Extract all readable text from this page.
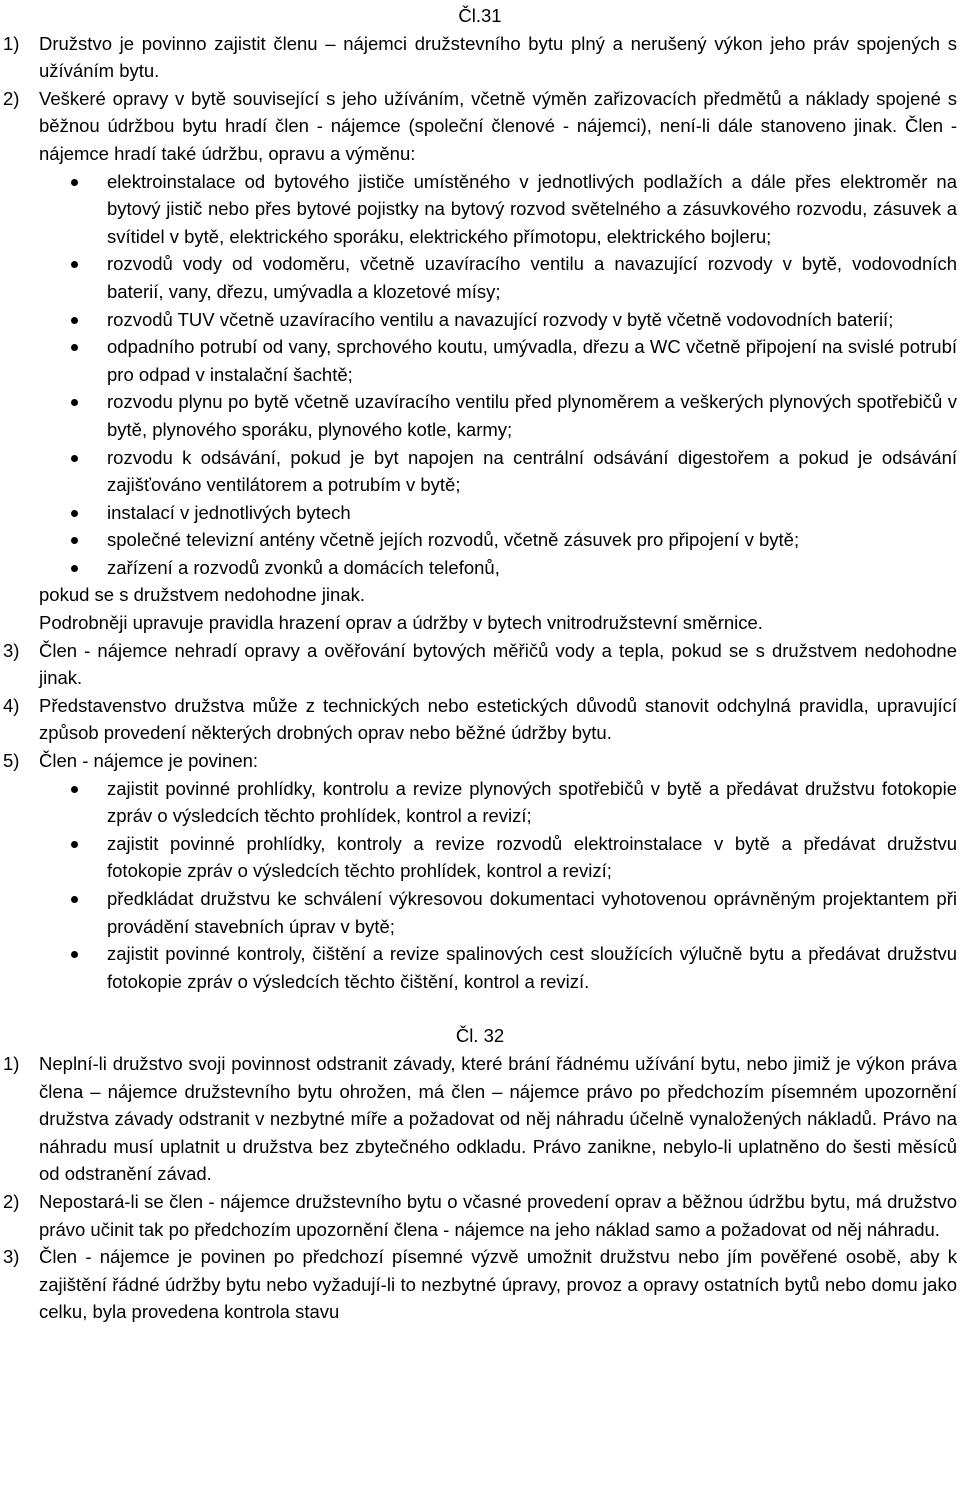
Čl.31
1) Družstvo je povinno zajistit členu – nájemci družstevního bytu plný a nerušený výkon jeho práv spojených s užíváním bytu.
2) Veškeré opravy v bytě související s jeho užíváním, včetně výměn zařizovacích předmětů a náklady spojené s běžnou údržbou bytu hradí člen - nájemce (společní členové - nájemci), není-li dále stanoveno jinak. Člen - nájemce hradí také údržbu, opravu a výměnu:
elektroinstalace od bytového jističe umístěného v jednotlivých podlažích a dále přes elektroměr na bytový jistič nebo přes bytové pojistky na bytový rozvod světelného a zásuvkového rozvodu, zásuvek a svítidel v bytě, elektrického sporáku, elektrického přímotopu, elektrického bojleru;
rozvodů vody od vodoměru, včetně uzavíracího ventilu a navazující rozvody v bytě, vodovodních baterií, vany, dřezu, umývadla a klozetové mísy;
rozvodů TUV včetně uzavíracího ventilu a navazující rozvody v bytě včetně vodovodních baterií;
odpadního potrubí od vany, sprchového koutu, umývadla, dřezu a WC včetně připojení na svislé potrubí pro odpad v instalační šachtě;
rozvodu plynu po bytě včetně uzavíracího ventilu před plynoměrem a veškerých plynových spotřebičů v bytě, plynového sporáku, plynového kotle, karmy;
rozvodu k odsávání, pokud je byt napojen na centrální odsávání digestořem a pokud je odsávání zajišťováno ventilátorem a potrubím v bytě;
instalací v jednotlivých bytech
společné televizní antény včetně jejích rozvodů, včetně zásuvek pro připojení v bytě;
zařízení a rozvodů zvonků a domácích telefonů,
pokud se s družstvem nedohodne jinak.
Podrobněji upravuje pravidla hrazení oprav a údržby v bytech vnitrodružstevní směrnice.
3) Člen - nájemce nehradí opravy a ověřování bytových měřičů vody a tepla, pokud se s družstvem nedohodne jinak.
4) Představenstvo družstva může z technických nebo estetických důvodů stanovit odchylná pravidla, upravující způsob provedení některých drobných oprav nebo běžné údržby bytu.
5) Člen - nájemce je povinen:
zajistit povinné prohlídky, kontrolu a revize plynových spotřebičů v bytě a předávat družstvu fotokopie zpráv o výsledcích těchto prohlídek, kontrol a revizí;
zajistit povinné prohlídky, kontroly a revize rozvodů elektroinstalace v bytě a předávat družstvu fotokopie zpráv o výsledcích těchto prohlídek, kontrol a revizí;
předkládat družstvu ke schválení výkresovou dokumentaci vyhotovenou oprávněným projektantem při provádění stavebních úprav v bytě;
zajistit povinné kontroly, čištění a revize spalinových cest sloužících výlučně bytu a předávat družstvu fotokopie zpráv o výsledcích těchto čištění, kontrol a revizí.
Čl. 32
1) Neplní-li družstvo svoji povinnost odstranit závady, které brání řádnému užívání bytu, nebo jimiž je výkon práva člena – nájemce družstevního bytu ohrožen, má člen – nájemce právo po předchozím písemném upozornění družstva závady odstranit v nezbytné míře a požadovat od něj náhradu účelně vynaložených nákladů. Právo na náhradu musí uplatnit u družstva bez zbytečného odkladu. Právo zanikne, nebylo-li uplatněno do šesti měsíců od odstranění závad.
2) Nepostará-li se člen - nájemce družstevního bytu o včasné provedení oprav a běžnou údržbu bytu, má družstvo právo učinit tak po předchozím upozornění člena - nájemce na jeho náklad samo a požadovat od něj náhradu.
3) Člen - nájemce je povinen po předchozí písemné výzvě umožnit družstvu nebo jím pověřené osobě, aby k zajištění řádné údržby bytu nebo vyžadují-li to nezbytné úpravy, provoz a opravy ostatních bytů nebo domu jako celku, byla provedena kontrola stavu
